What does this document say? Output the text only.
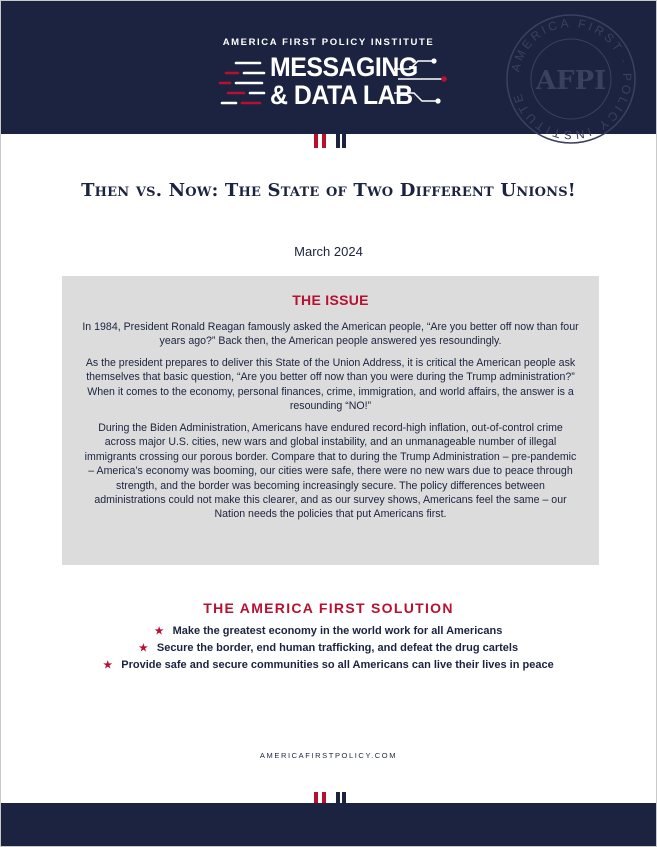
AMERICA FIRST POLICY INSTITUTE
MESSAGING
& DATA LAB
AMERICA FIRST · POLICY INSTITUTE
AFPI
Then vs. Now: The State of Two Different Unions!
March 2024
THE ISSUE

In 1984, President Ronald Reagan famously asked the American people, “Are you better off now than four years ago?” Back then, the American people answered yes resoundingly.

As the president prepares to deliver this State of the Union Address, it is critical the American people ask themselves that basic question, “Are you better off now than you were during the Trump administration?” When it comes to the economy, personal finances, crime, immigration, and world affairs, the answer is a resounding “NO!”

During the Biden Administration, Americans have endured record-high inflation, out-of-control crime across major U.S. cities, new wars and global instability, and an unmanageable number of illegal immigrants crossing our porous border. Compare that to during the Trump Administration – pre-pandemic – America’s economy was booming, our cities were safe, there were no new wars due to peace through strength, and the border was becoming increasingly secure. The policy differences between administrations could not make this clearer, and as our survey shows, Americans feel the same – our Nation needs the policies that put Americans first.

THE AMERICA FIRST SOLUTION
★ Make the greatest economy in the world work for all Americans
★ Secure the border, end human trafficking, and defeat the drug cartels
★ Provide safe and secure communities so all Americans can live their lives in peace
AMERICAFIRSTPOLICY.COM
